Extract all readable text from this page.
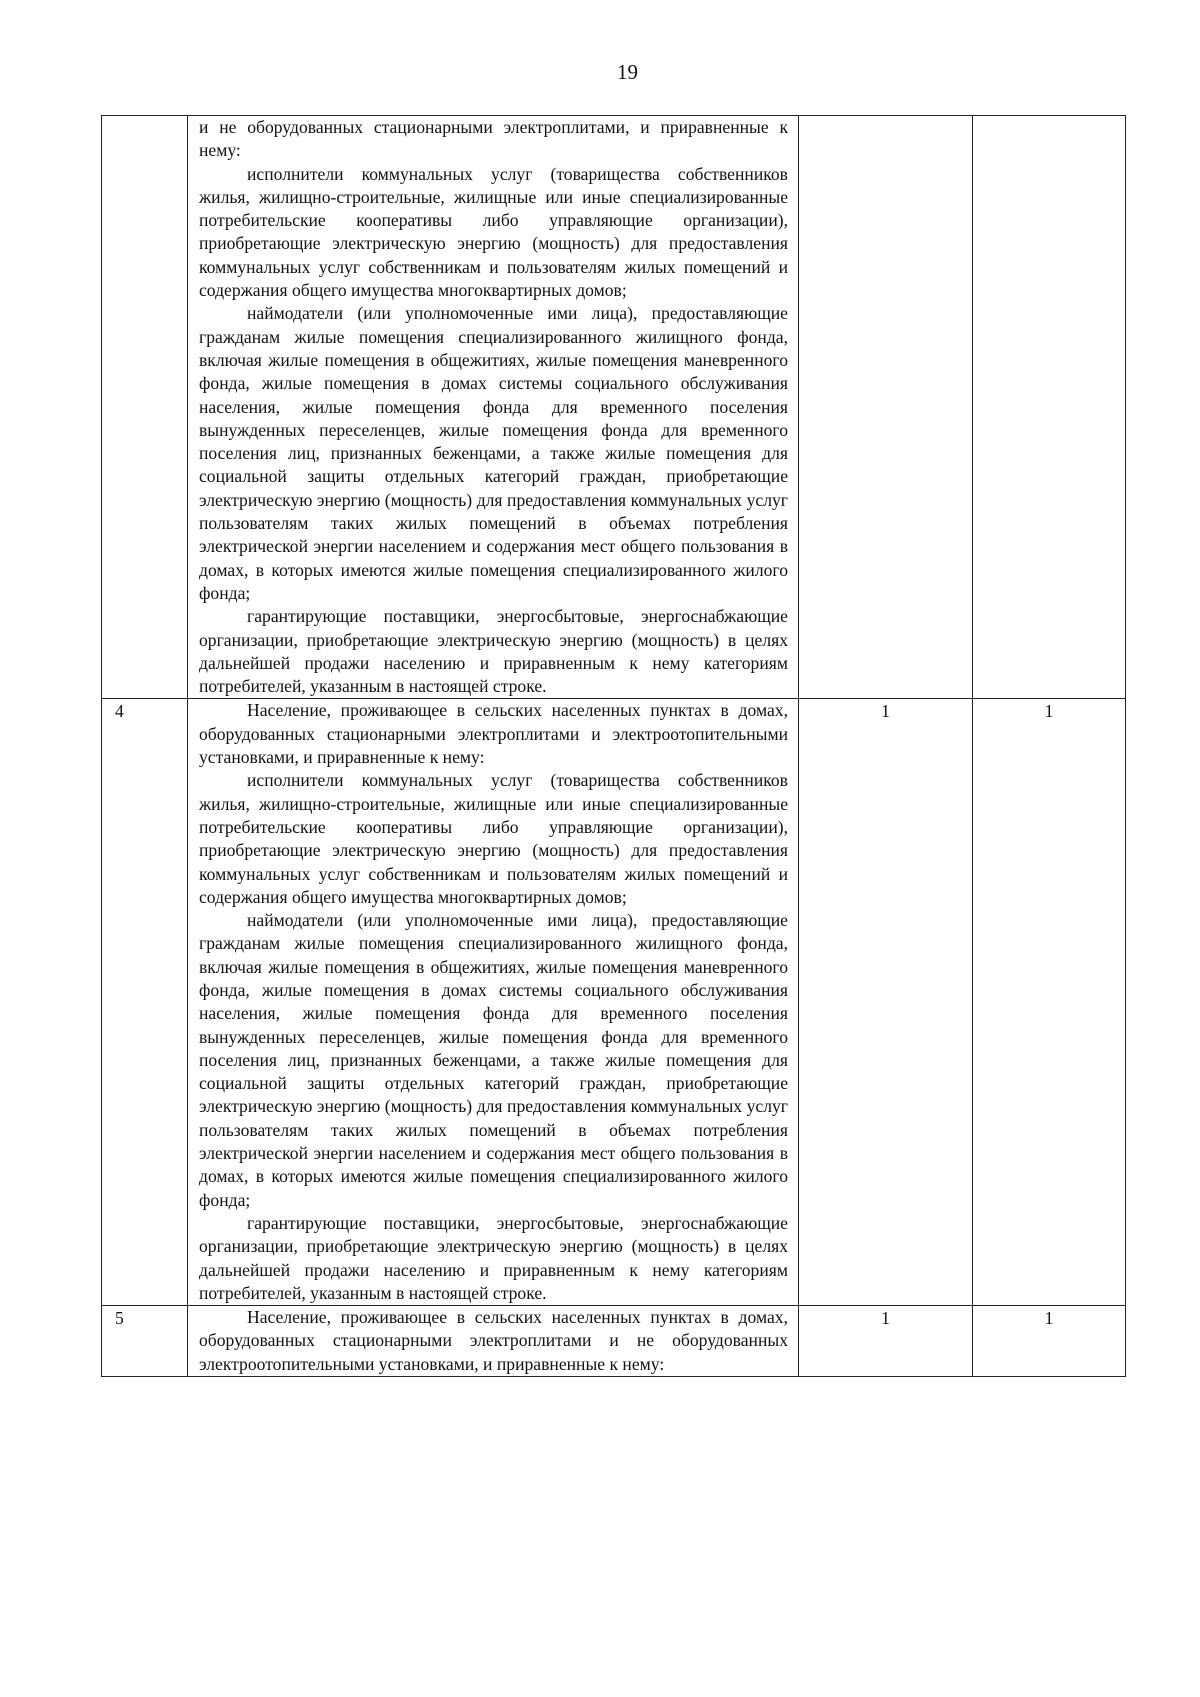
19

	и не оборудованных стационарными электроплитами, и приравненные к нему:

исполнители коммунальных услуг (товарищества собственников жилья, жилищно-строительные, жилищные или иные специализированные потребительские кооперативы либо управляющие организации), приобретающие электрическую энергию (мощность) для предоставления коммунальных услуг собственникам и пользователям жилых помещений и содержания общего имущества многоквартирных домов;

наймодатели (или уполномоченные ими лица), предоставляющие гражданам жилые помещения специализированного жилищного фонда, включая жилые помещения в общежитиях, жилые помещения маневренного фонда, жилые помещения в домах системы социального обслуживания населения, жилые помещения фонда для временного поселения вынужденных переселенцев, жилые помещения фонда для временного поселения лиц, признанных беженцами, а также жилые помещения для социальной защиты отдельных категорий граждан, приобретающие электрическую энергию (мощность) для предоставления коммунальных услуг пользователям таких жилых помещений в объемах потребления электрической энергии населением и содержания мест общего пользования в домах, в которых имеются жилые помещения специализированного жилого фонда;

гарантирующие поставщики, энергосбытовые, энергоснабжающие организации, приобретающие электрическую энергию (мощность) в целях дальнейшей продажи населению и приравненным к нему категориям потребителей, указанным в настоящей строке.		

4	Население, проживающее в сельских населенных пунктах в домах, оборудованных стационарными электроплитами и электроотопительными установками, и приравненные к нему:

исполнители коммунальных услуг (товарищества собственников жилья, жилищно-строительные, жилищные или иные специализированные потребительские кооперативы либо управляющие организации), приобретающие электрическую энергию (мощность) для предоставления коммунальных услуг собственникам и пользователям жилых помещений и содержания общего имущества многоквартирных домов;

наймодатели (или уполномоченные ими лица), предоставляющие гражданам жилые помещения специализированного жилищного фонда, включая жилые помещения в общежитиях, жилые помещения маневренного фонда, жилые помещения в домах системы социального обслуживания населения, жилые помещения фонда для временного поселения вынужденных переселенцев, жилые помещения фонда для временного поселения лиц, признанных беженцами, а также жилые помещения для социальной защиты отдельных категорий граждан, приобретающие электрическую энергию (мощность) для предоставления коммунальных услуг пользователям таких жилых помещений в объемах потребления электрической энергии населением и содержания мест общего пользования в домах, в которых имеются жилые помещения специализированного жилого фонда;

гарантирующие поставщики, энергосбытовые, энергоснабжающие организации, приобретающие электрическую энергию (мощность) в целях дальнейшей продажи населению и приравненным к нему категориям потребителей, указанным в настоящей строке.	1	1

5	Население, проживающее в сельских населенных пунктах в домах, оборудованных стационарными электроплитами и не оборудованных электроотопительными установками, и приравненные к нему:	1	1
